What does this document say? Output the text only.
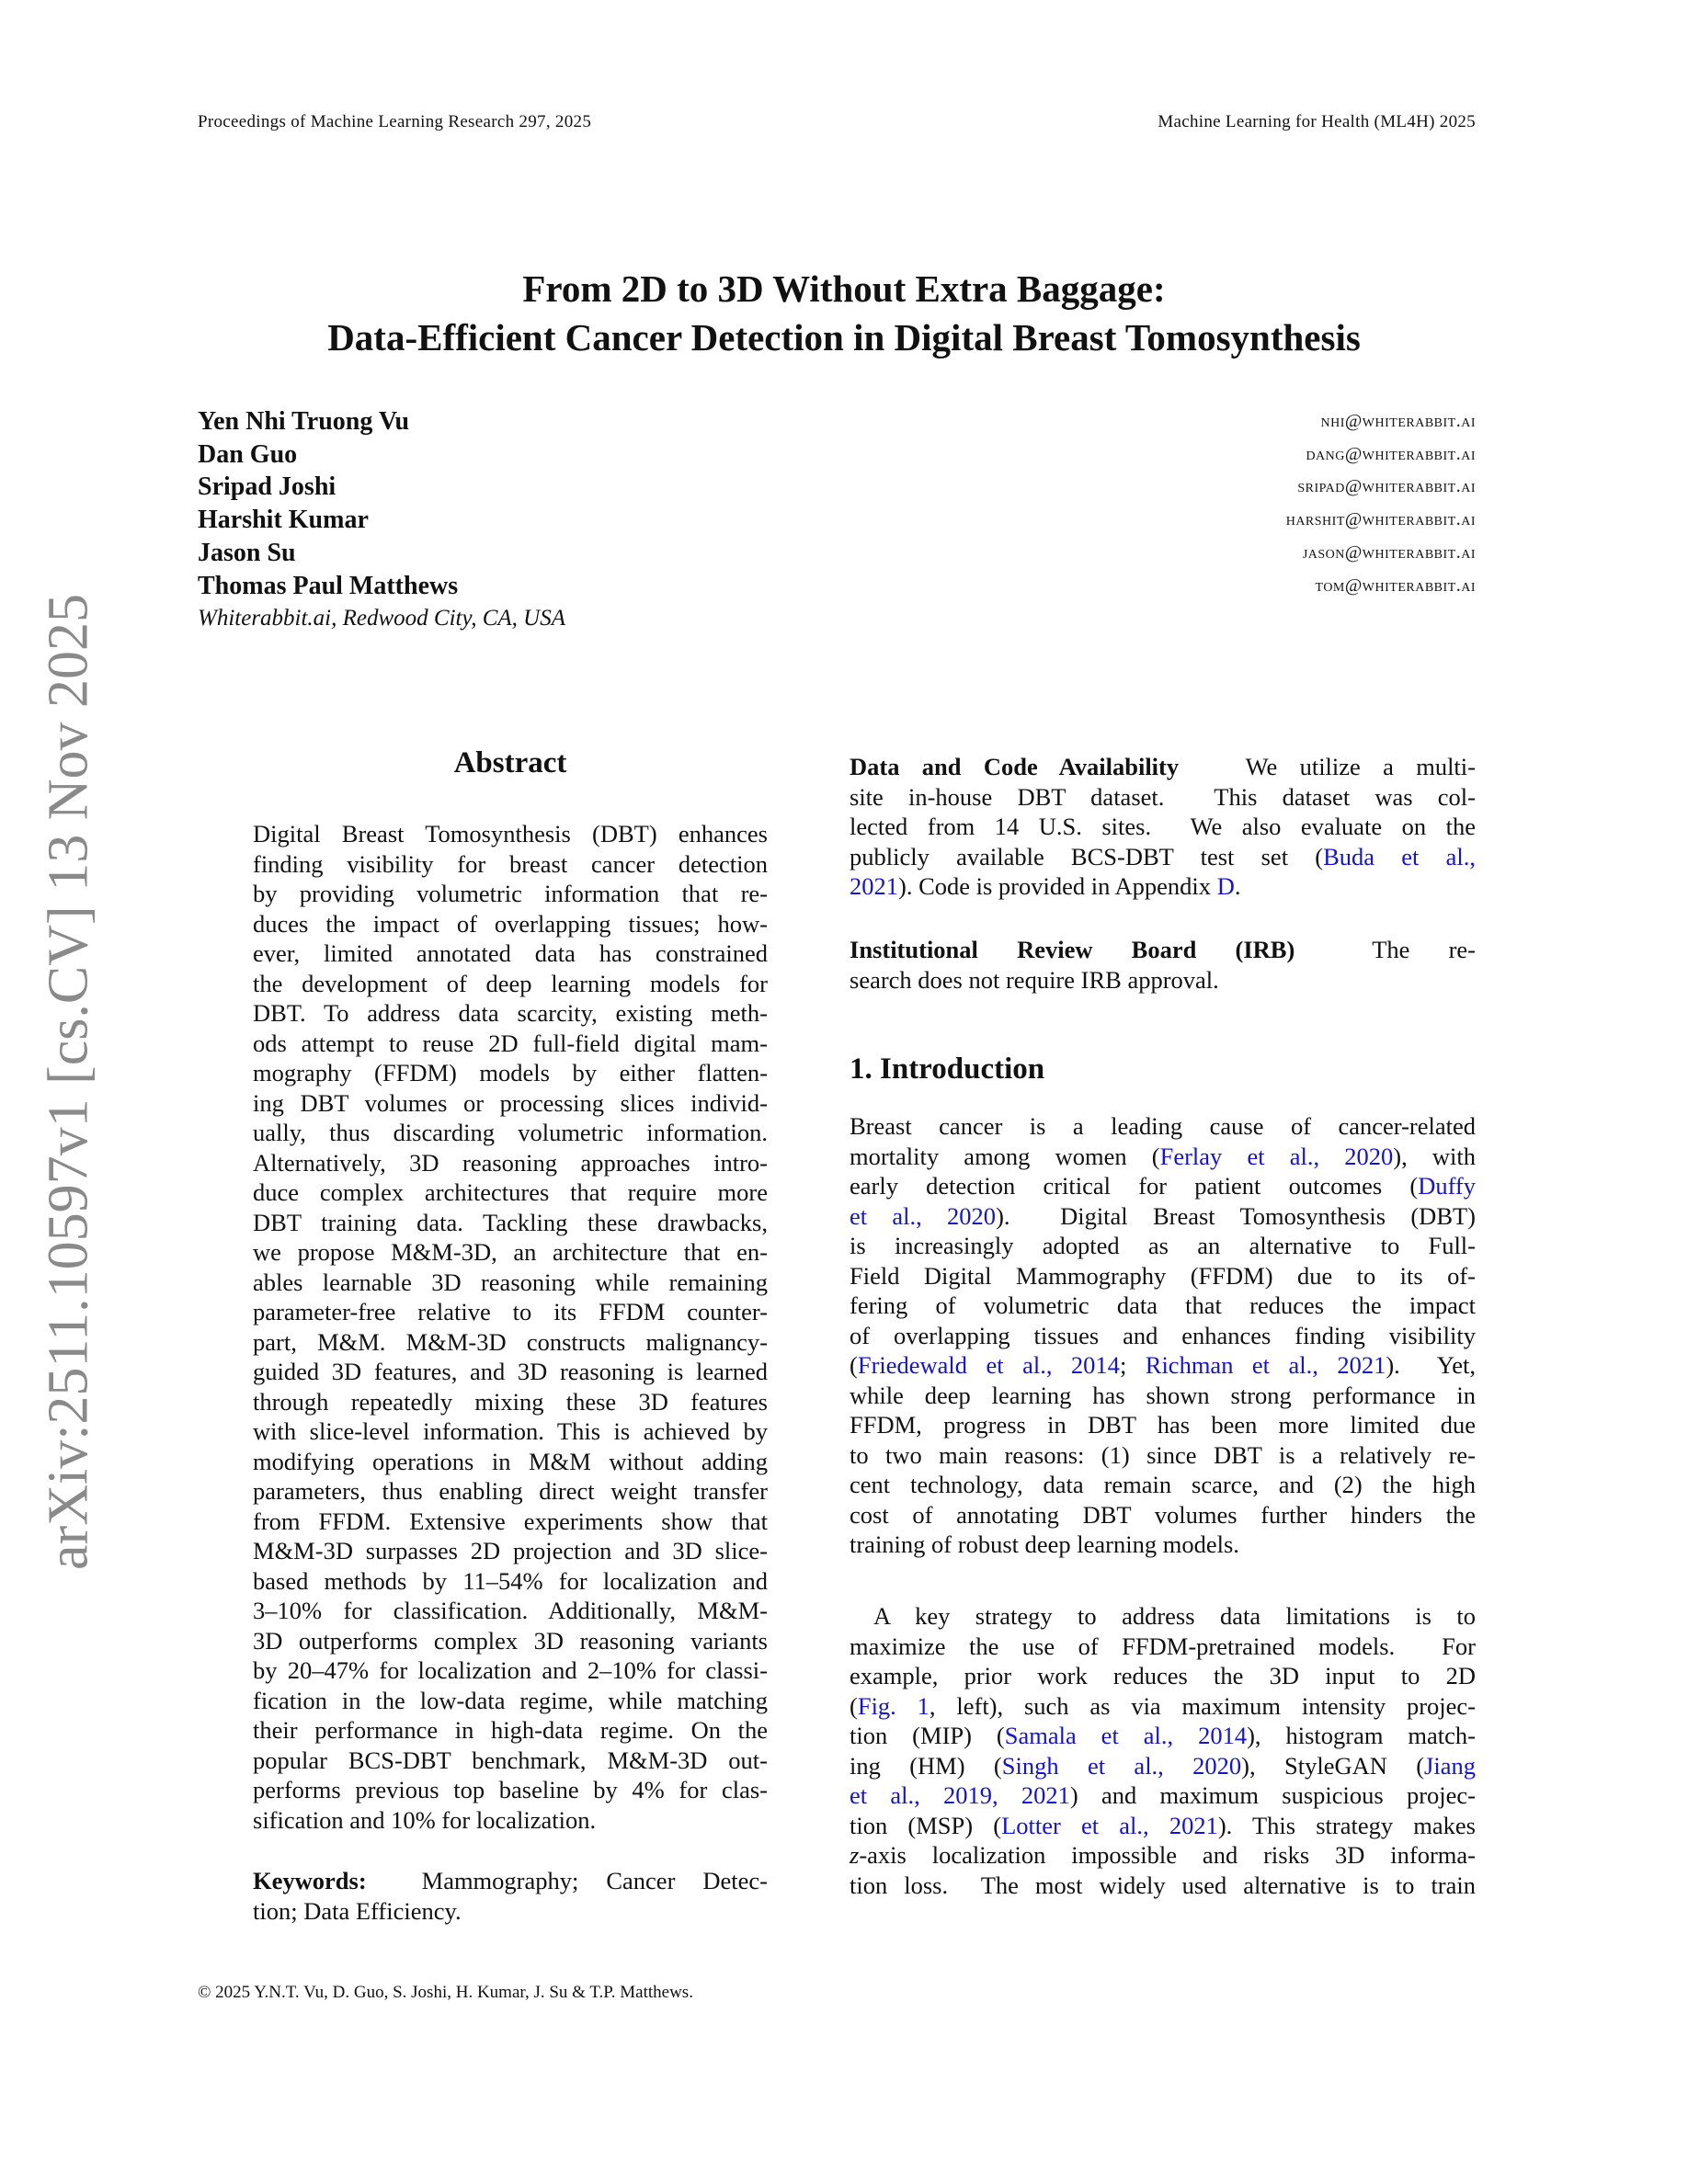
Proceedings of Machine Learning Research 297, 2025	Machine Learning for Health (ML4H) 2025
arXiv:2511.10597v1 [cs.CV] 13 Nov 2025
From 2D to 3D Without Extra Baggage:
Data-Efficient Cancer Detection in Digital Breast Tomosynthesis
Yen Nhi Truong Vu
Dan Guo
Sripad Joshi
Harshit Kumar
Jason Su
Thomas Paul Matthews
Whiterabbit.ai, Redwood City, CA, USA
nhi@whiterabbit.ai
dang@whiterabbit.ai
sripad@whiterabbit.ai
harshit@whiterabbit.ai
jason@whiterabbit.ai
tom@whiterabbit.ai
Abstract
Digital Breast Tomosynthesis (DBT) enhances
finding visibility for breast cancer detection
by providing volumetric information that re-
duces the impact of overlapping tissues; how-
ever, limited annotated data has constrained
the development of deep learning models for
DBT. To address data scarcity, existing meth-
ods attempt to reuse 2D full-field digital mam-
mography (FFDM) models by either flatten-
ing DBT volumes or processing slices individ-
ually, thus discarding volumetric information.
Alternatively, 3D reasoning approaches intro-
duce complex architectures that require more
DBT training data. Tackling these drawbacks,
we propose M&M-3D, an architecture that en-
ables learnable 3D reasoning while remaining
parameter-free relative to its FFDM counter-
part, M&M. M&M-3D constructs malignancy-
guided 3D features, and 3D reasoning is learned
through repeatedly mixing these 3D features
with slice-level information. This is achieved by
modifying operations in M&M without adding
parameters, thus enabling direct weight transfer
from FFDM. Extensive experiments show that
M&M-3D surpasses 2D projection and 3D slice-
based methods by 11–54% for localization and
3–10% for classification. Additionally, M&M-
3D outperforms complex 3D reasoning variants
by 20–47% for localization and 2–10% for classi-
fication in the low-data regime, while matching
their performance in high-data regime. On the
popular BCS-DBT benchmark, M&M-3D out-
performs previous top baseline by 4% for clas-
sification and 10% for localization.
Keywords:  Mammography; Cancer Detec-
tion; Data Efficiency.
Data and Code Availability   We utilize a multi-
site in-house DBT dataset.  This dataset was col-
lected from 14 U.S. sites.  We also evaluate on the
publicly available BCS-DBT test set (Buda et al.,
2021). Code is provided in Appendix D.
Institutional Review Board (IRB)  The re-
search does not require IRB approval.
1. Introduction
Breast cancer is a leading cause of cancer-related
mortality among women (Ferlay et al., 2020), with
early detection critical for patient outcomes (Duffy
et al., 2020).  Digital Breast Tomosynthesis (DBT)
is increasingly adopted as an alternative to Full-
Field Digital Mammography (FFDM) due to its of-
fering of volumetric data that reduces the impact
of overlapping tissues and enhances finding visibility
(Friedewald et al., 2014; Richman et al., 2021).  Yet,
while deep learning has shown strong performance in
FFDM, progress in DBT has been more limited due
to two main reasons: (1) since DBT is a relatively re-
cent technology, data remain scarce, and (2) the high
cost of annotating DBT volumes further hinders the
training of robust deep learning models.
A key strategy to address data limitations is to
maximize the use of FFDM-pretrained models.  For
example, prior work reduces the 3D input to 2D
(Fig. 1, left), such as via maximum intensity projec-
tion (MIP) (Samala et al., 2014), histogram match-
ing (HM) (Singh et al., 2020), StyleGAN (Jiang
et al., 2019, 2021) and maximum suspicious projec-
tion (MSP) (Lotter et al., 2021). This strategy makes
z-axis localization impossible and risks 3D informa-
tion loss.  The most widely used alternative is to train
© 2025 Y.N.T. Vu, D. Guo, S. Joshi, H. Kumar, J. Su & T.P. Matthews.
